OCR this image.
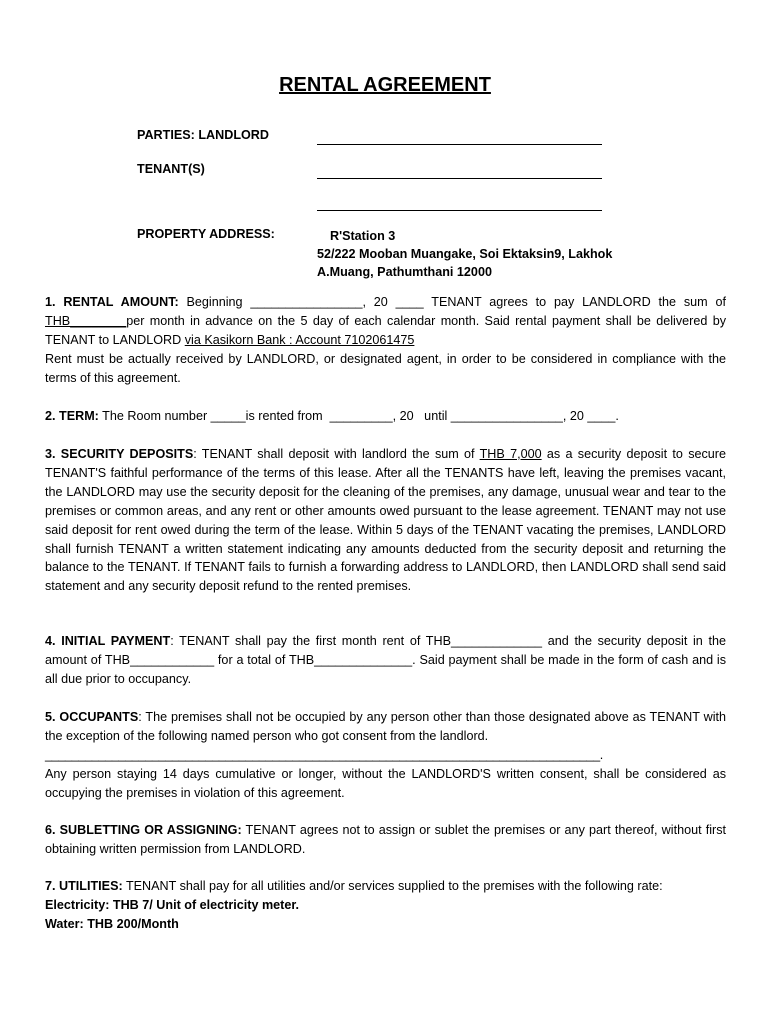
RENTAL AGREEMENT
PARTIES: LANDLORD
TENANT(S)
PROPERTY ADDRESS:	R'Station 3
52/222 Mooban Muangake, Soi Ektaksin9, Lakhok
A.Muang, Pathumthani 12000
1. RENTAL AMOUNT: Beginning ________________, 20 ____ TENANT agrees to pay LANDLORD the sum of THB________per month in advance on the 5 day of each calendar month. Said rental payment shall be delivered by TENANT to LANDLORD via Kasikorn Bank : Account 7102061475
Rent must be actually received by LANDLORD, or designated agent, in order to be considered in compliance with the terms of this agreement.
2. TERM: The Room number _____is rented from  _________, 20   until ________________, 20 ____.
3. SECURITY DEPOSITS: TENANT shall deposit with landlord the sum of THB 7,000 as a security deposit to secure TENANT'S faithful performance of the terms of this lease. After all the TENANTS have left, leaving the premises vacant, the LANDLORD may use the security deposit for the cleaning of the premises, any damage, unusual wear and tear to the premises or common areas, and any rent or other amounts owed pursuant to the lease agreement. TENANT may not use said deposit for rent owed during the term of the lease. Within 5 days of the TENANT vacating the premises, LANDLORD shall furnish TENANT a written statement indicating any amounts deducted from the security deposit and returning the balance to the TENANT. If TENANT fails to furnish a forwarding address to LANDLORD, then LANDLORD shall send said statement and any security deposit refund to the rented premises.
4. INITIAL PAYMENT: TENANT shall pay the first month rent of THB_____________ and the security deposit in the amount of THB____________ for a total of THB______________. Said payment shall be made in the form of cash and is all due prior to occupancy.
5. OCCUPANTS: The premises shall not be occupied by any person other than those designated above as TENANT with the exception of the following named person who got consent from the landlord.
___________________________________________________________________________________.
Any person staying 14 days cumulative or longer, without the LANDLORD'S written consent, shall be considered as occupying the premises in violation of this agreement.
6. SUBLETTING OR ASSIGNING: TENANT agrees not to assign or sublet the premises or any part thereof, without first obtaining written permission from LANDLORD.
7. UTILITIES: TENANT shall pay for all utilities and/or services supplied to the premises with the following rate:
Electricity: THB 7/ Unit of electricity meter.
Water: THB 200/Month
